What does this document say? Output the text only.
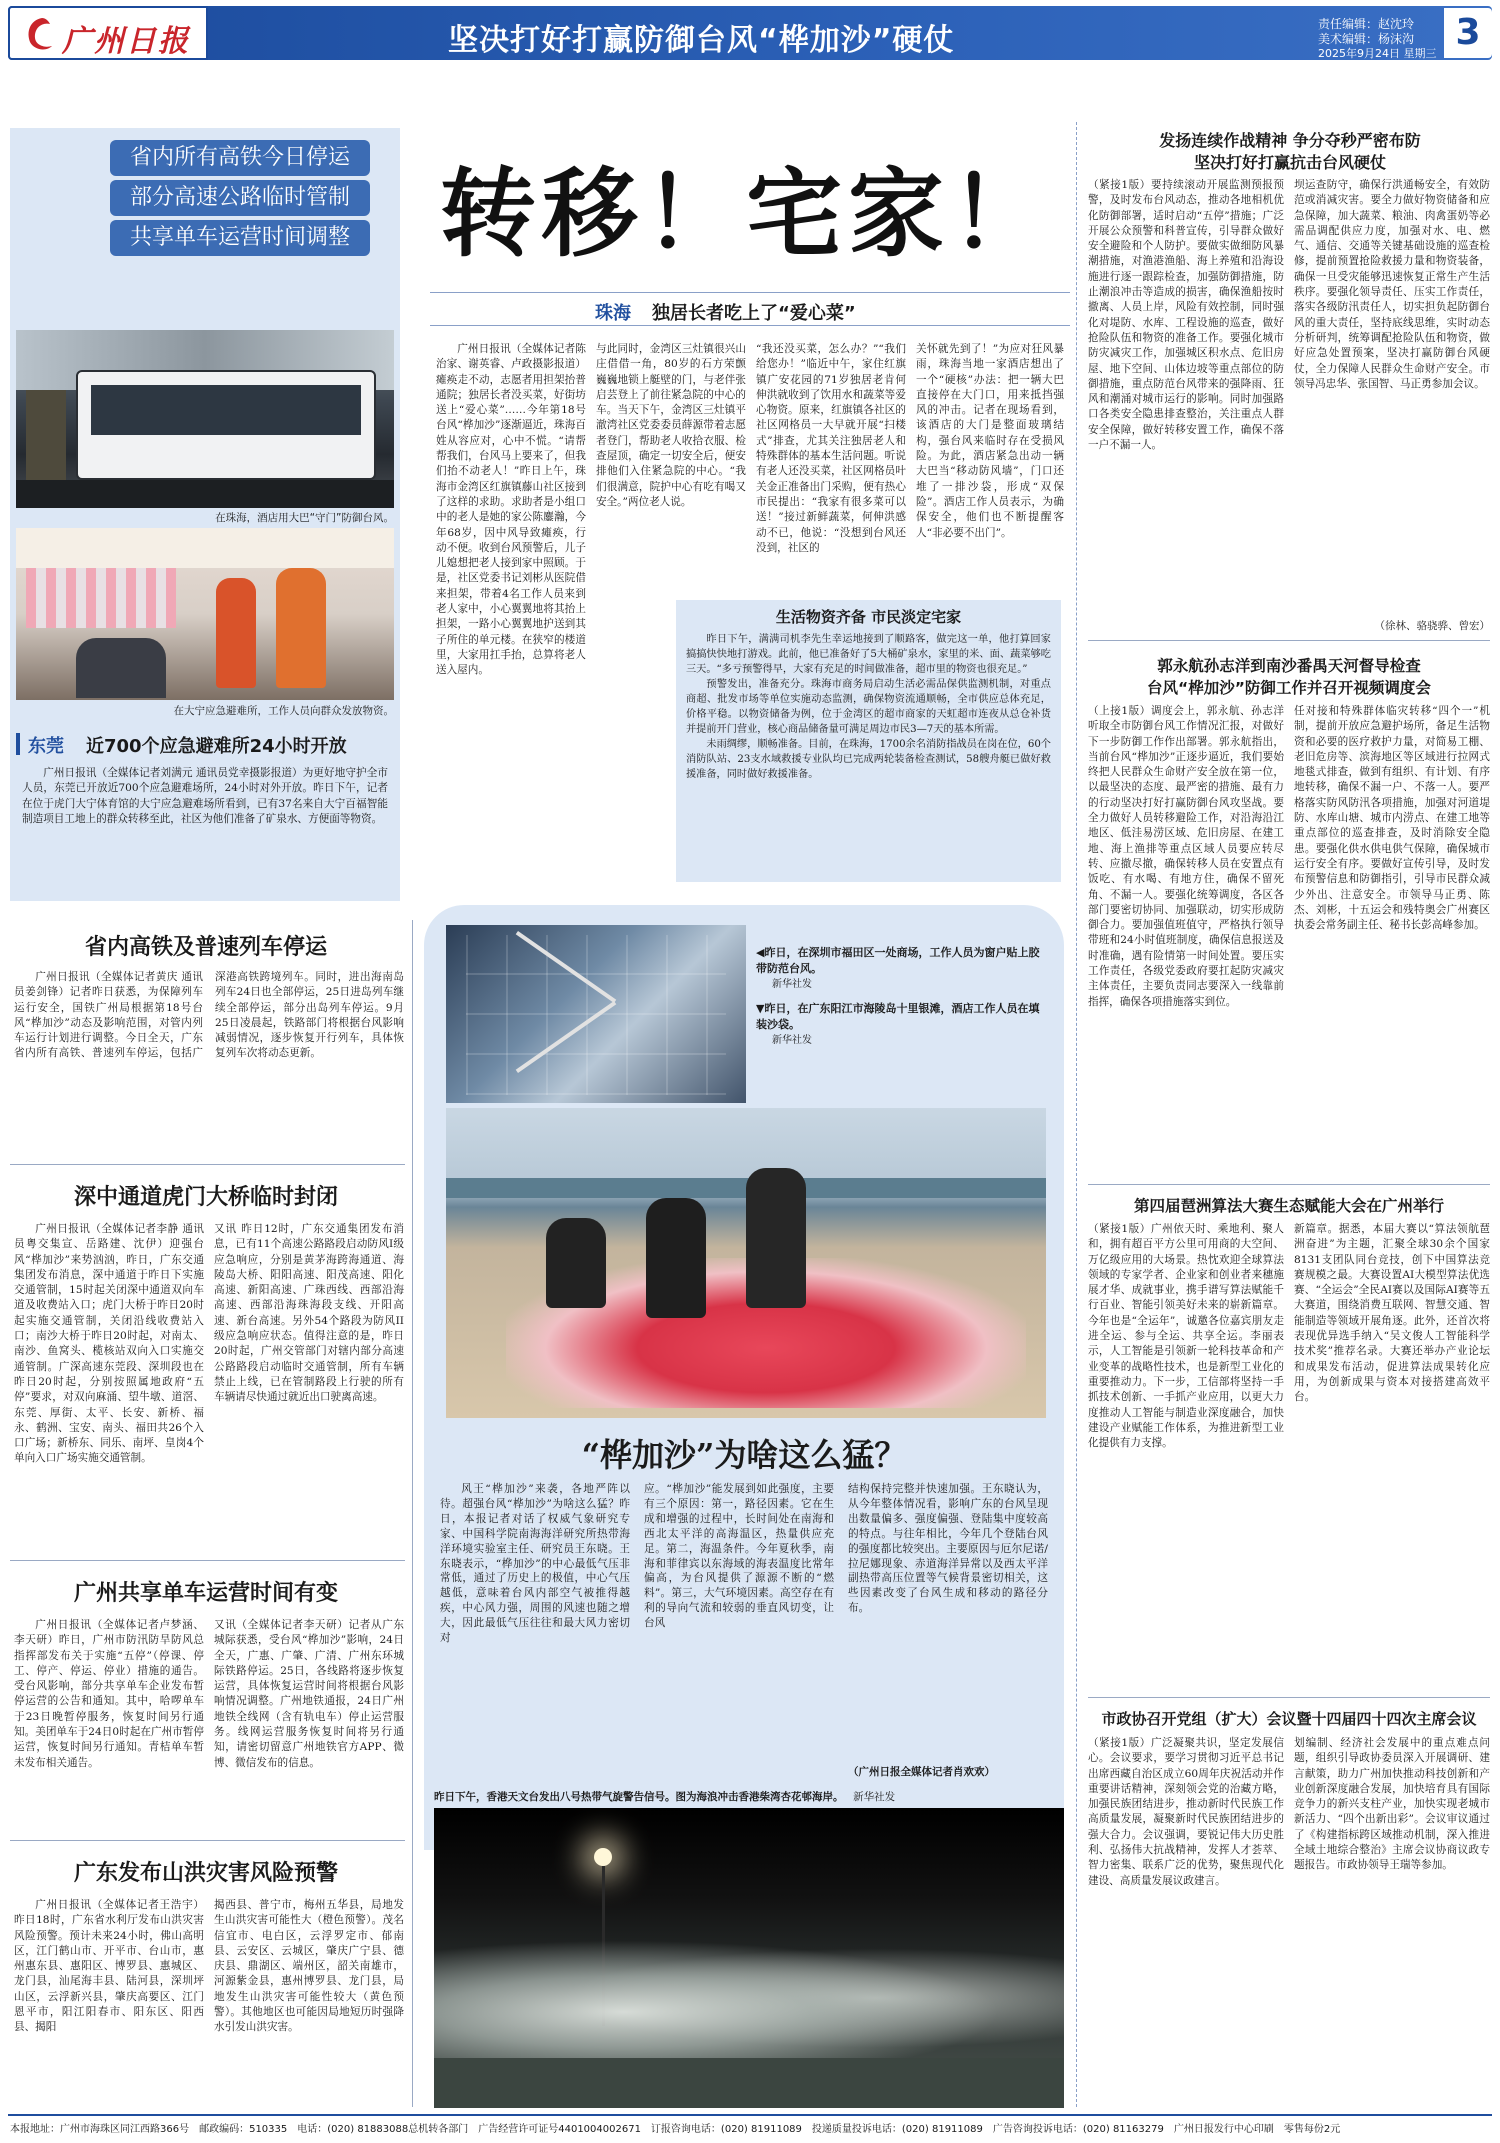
广州日报	坚决打好打赢防御台风“桦加沙”硬仗	责任编辑：赵沈玲
美术编辑：杨沫沟
2025年9月24日 星期三
3
省内所有高铁今日停运
部分高速公路临时管制
共享单车运营时间调整
在珠海，酒店用大巴“守门”防御台风。
在大宁应急避难所，工作人员向群众发放物资。
东莞 近700个应急避难所24小时开放

广州日报讯（全媒体记者刘满元 通讯员党幸摄影报道）为更好地守护全市人员，东莞已开放近700个应急避难场所，24小时对外开放。昨日下午，记者在位于虎门大宁体育馆的大宁应急避难场所看到，已有37名来自大宁百福智能制造项目工地上的群众转移至此，社区为他们准备了矿泉水、方便面等物资。

转移！宅家！
珠海 独居长者吃上了“爱心菜”

广州日报讯（全媒体记者陈治家、谢英睿、卢政摄影报道）瘫痪走不动，志愿者用担架抬普通院；独居长者没买菜，好街坊送上“爱心菜”……今年第18号台风“桦加沙”逐渐逼近，珠海百姓从容应对，心中不慌。“请帮帮我们，台风马上要来了，但我们抬不动老人！”昨日上午，珠海市金湾区红旗镇藤山社区接到了这样的求助。求助者是小组口中的老人是她的家公陈鏖瀚，今年68岁，因中风导致瘫痪，行动不便。收到台风预警后，儿子儿媳想把老人接到家中照顾。于是，社区党委书记刘彬从医院借来担架，带着4名工作人员来到老人家中，小心翼翼地将其抬上担架，一路小心翼翼地护送到其子所住的单元楼。在狭窄的楼道里，大家用扛手抬，总算将老人送入屋内。

与此同时，金湾区三灶镇很兴山庄借借一角，80岁的石方荣颤巍巍地锁上艇壁的门，与老伴张启芸登上了前往紧急院的中心的车。当天下午，金湾区三灶镇平澈湾社区党委委员薛源带着志愿者登门，帮助老人收拾衣服、检查屋顶，确定一切安全后，便安排他们入住紧急院的中心。“我们很满意，院护中心有吃有喝又安全。”两位老人说。

“我还没买菜，怎么办？”“我们给您办！”临近中午，家住红旗镇广安花园的71岁独居老肯何伸洪就收到了饮用水和蔬菜等爱心物资。原来，红旗镇各社区的社区网格员一大早就开展“扫楼式”排查，尤其关注独居老人和特殊群体的基本生活问题。听说有老人还没买菜，社区网格员叶关金正准备出门采购，便有热心市民提出：“我家有很多菜可以送！”接过新鲜蔬菜，何伸洪感动不已，他说：“没想到台风还没到，社区的

关怀就先到了！”为应对狂风暴雨，珠海当地一家酒店想出了一个“硬核”办法：把一辆大巴直接停在大门口，用来抵挡强风的冲击。记者在现场看到，该酒店的大门是整面玻璃结构，强台风来临时存在受损风险。为此，酒店紧急出动一辆大巴当“移动防风墙”，门口还堆了一排沙袋，形成“双保险”。酒店工作人员表示，为确保安全，他们也不断提醒客人“非必要不出门”。

生活物资齐备 市民淡定宅家

昨日下午，满满司机李先生幸运地接到了顺路客，做完这一单，他打算回家搞搞快快地打游戏。此前，他已准备好了5大桶矿泉水，家里的米、面、蔬菜够吃三天。“多亏预警得早，大家有充足的时间做准备，超市里的物资也很充足。”

预警发出，准备充分。珠海市商务局启动生活必需品保供监测机制，对重点商超、批发市场等单位实施动态监测，确保物资流通顺畅，全市供应总体充足，价格平稳。以物资储备为例，位于金湾区的超市商家的天虹超市连夜从总仓补货并提前开门营业，核心商品储备量可满足周边市民3—7天的基本所需。

未雨绸缪，顺畅准备。目前，在珠海，1700余名消防指战员在岗在位，60个消防队站、23支水域救援专业队均已完成两轮装备检查测试，58艘舟艇已做好救援准备，同时做好救援准备。

发扬连续作战精神 争分夺秒严密布防
坚决打好打赢抗击台风硬仗

（紧接1版）要持续滚动开展监测预报预警，及时发布台风动态，推动各地相机优化防御部署，适时启动“五停”措施；广泛开展公众预警和科普宣传，引导群众做好安全避险和个人防护。要做实做细防风暴潮措施，对渔港渔船、海上养殖和沿海设施进行逐一跟踪检查，加强防御措施，防止潮浪冲击等造成的损害，确保渔船按时撤离、人员上岸，风险有效控制，同时强化对堤防、水库、工程设施的巡查，做好抢险队伍和物资的准备工作。要强化城市防灾减灾工作，加强城区积水点、危旧房屋、地下空间、山体边坡等重点部位的防御措施，重点防范台风带来的强降雨、狂风和潮涌对城市运行的影响。同时加强路口各类安全隐患排查整治，关注重点人群安全保障，做好转移安置工作，确保不落一户不漏一人。

坝运查防守，确保行洪通畅安全，有效防范或消减灾害。要全力做好物资储备和应急保障，加大蔬菜、粮油、肉禽蛋奶等必需品调配供应力度，加强对水、电、燃气、通信、交通等关键基础设施的巡查检修，提前预置抢险救援力量和物资装备，确保一旦受灾能够迅速恢复正常生产生活秩序。要强化领导责任、压实工作责任，落实各级防汛责任人，切实担负起防御台风的重大责任，坚持底线思维，实时动态分析研判，统筹调配抢险队伍和物资，做好应急处置预案，坚决打赢防御台风硬仗，全力保障人民群众生命财产安全。市领导冯忠华、张国智、马正勇参加会议。

（徐林、骆骁骅、曾宏）
郭永航孙志洋到南沙番禺天河督导检查
台风“桦加沙”防御工作并召开视频调度会

（上接1版）调度会上，郭永航、孙志洋听取全市防御台风工作情况汇报，对做好下一步防御工作作出部署。郭永航指出，当前台风“桦加沙”正逐步逼近，我们要始终把人民群众生命财产安全放在第一位，以最坚决的态度、最严密的措施、最有力的行动坚决打好打赢防御台风攻坚战。要全力做好人员转移避险工作，对沿海沿江地区、低洼易涝区域、危旧房屋、在建工地、海上渔排等重点区域人员要应转尽转、应撤尽撤，确保转移人员在安置点有饭吃、有水喝、有地方住，确保不留死角、不漏一人。要强化统筹调度，各区各部门要密切协同、加强联动，切实形成防御合力。要加强值班值守，严格执行领导带班和24小时值班制度，确保信息报送及时准确，遇有险情第一时间处置。要压实工作责任，各级党委政府要扛起防灾减灾主体责任，主要负责同志要深入一线靠前指挥，确保各项措施落实到位。

任对接和特殊群体临灾转移“四个一”机制，提前开放应急避护场所，备足生活物资和必要的医疗救护力量，对简易工棚、老旧危房等、滨海地区等区域进行拉网式地毯式排查，做到有组织、有计划、有序地转移，确保不漏一户、不落一人。要严格落实防风防汛各项措施，加强对河道堤防、水库山塘、城市内涝点、在建工地等重点部位的巡查排查，及时消除安全隐患。要强化供水供电供气保障，确保城市运行安全有序。要做好宣传引导，及时发布预警信息和防御指引，引导市民群众减少外出、注意安全。市领导马正勇、陈杰、刘彬，十五运会和残特奥会广州赛区执委会常务副主任、秘书长彭高峰参加。

第四届琶洲算法大赛生态赋能大会在广州举行

（紧接1版）广州依天时、乘地利、聚人和，拥有超百平方公里可用商的大空间、万亿级应用的大场景。热忱欢迎全球算法领域的专家学者、企业家和创业者来穗施展才华、成就事业，携手谱写算法赋能千行百业、智能引领美好未来的崭新篇章。今年也是“全运年”，诚邀各位嘉宾朋友走进全运、参与全运、共享全运。李丽表示，人工智能是引领新一轮科技革命和产业变革的战略性技术，也是新型工业化的重要推动力。下一步，工信部将坚持一手抓技术创新、一手抓产业应用，以更大力度推动人工智能与制造业深度融合，加快建设产业赋能工作体系，为推进新型工业化提供有力支撑。

新篇章。据悉，本届大赛以“算法领航琶洲奋进”为主题，汇聚全球30余个国家8131支团队同台竞技，创下中国算法竞赛规模之最。大赛设置AI大模型算法优选赛、“全运会”全民AI赛以及国际AI赛等五大赛道，围绕消费互联网、智慧交通、智能制造等领域开展角逐。此外，还首次将表现优异选手纳入“吴文俊人工智能科学技术奖”推荐名录。大赛还举办产业论坛和成果发布活动，促进算法成果转化应用，为创新成果与资本对接搭建高效平台。

市政协召开党组（扩大）会议暨十四届四十四次主席会议

（紧接1版）广泛凝聚共识，坚定发展信心。会议要求，要学习贯彻习近平总书记出席西藏自治区成立60周年庆祝活动并作重要讲话精神，深刻领会党的治藏方略，加强民族团结进步，推动新时代民族工作高质量发展，凝聚新时代民族团结进步的强大合力。会议强调，要锐记伟大历史胜利、弘扬伟大抗战精神，发挥人才荟萃、智力密集、联系广泛的优势，聚焦现代化建设、高质量发展议政建言。

划编制、经济社会发展中的重点难点问题，组织引导政协委员深入开展调研、建言献策，助力广州加快推动科技创新和产业创新深度融合发展，加快培育具有国际竞争力的新兴支柱产业，加快实现老城市新活力、“四个出新出彩”。会议审议通过了《构建指标跨区域推动机制，深入推进全域土地综合整治》主席会议协商议政专题报告。市政协领导王瑞等参加。

省内高铁及普速列车停运

广州日报讯（全媒体记者黄庆 通讯员姜剑锋）记者昨日获悉，为保障列车运行安全，国铁广州局根据第18号台风“桦加沙”动态及影响范围，对管内列车运行计划进行调整。今日全天，广东省内所有高铁、普速列车停运，包括广深港高铁跨境列车。同时，进出海南岛列车24日也全部停运，25日进岛列车继续全部停运，部分出岛列车停运。9月25日凌晨起，铁路部门将根据台风影响减弱情况，逐步恢复开行列车，具体恢复列车次将动态更新。

深中通道虎门大桥临时封闭

广州日报讯（全媒体记者李静 通讯员粤交集宣、岳路建、沈伊）迎强台风“桦加沙”来势汹汹，昨日，广东交通集团发布消息，深中通道于昨日下实施交通管制，15时起关闭深中通道双向车道及收费站入口；虎门大桥于昨日20时起实施交通管制，关闭沿线收费站入口；南沙大桥于昨日20时起，对南太、南沙、鱼窝头、榄核站双向入口实施交通管制。广深高速东莞段、深圳段也在昨日20时起，分别按照属地政府“五停”要求，对双向麻涌、望牛墩、道滘、东莞、厚街、太平、长安、新桥、福永、鹤洲、宝安、南头、福田共26个入口广场；新桥东、同乐、南坪、皇岗4个单向入口广场实施交通管制。

又讯 昨日12时，广东交通集团发布消息，已有11个高速公路路段启动防风I级应急响应，分别是黄茅海跨海通道、海陵岛大桥、阳阳高速、阳茂高速、阳化高速、新阳高速、广珠西线、西部沿海高速、西部沿海珠海段支线、开阳高速、新台高速。另外54个路段为防风II级应急响应状态。值得注意的是，昨日20时起，广州交管部门对辖内部分高速公路路段启动临时交通管制，所有车辆禁止上线，已在管制路段上行驶的所有车辆请尽快通过就近出口驶离高速。

广州共享单车运营时间有变

广州日报讯（全媒体记者卢梦涵、李天研）昨日，广州市防汛防旱防风总指挥部发布关于实施“五停”（停课、停工、停产、停运、停业）措施的通告。受台风影响，部分共享单车企业发布暂停运营的公告和通知。其中，哈啰单车于23日晚暂停服务，恢复时间另行通知。美团单车于24日0时起在广州市暂停运营，恢复时间另行通知。青桔单车暂未发布相关通告。

又讯（全媒体记者李天研）记者从广东城际获悉，受台风“桦加沙”影响，24日全天，广惠、广肇、广清、广州东环城际铁路停运。25日，各线路将逐步恢复运营，具体恢复运营时间将根据台风影响情况调整。广州地铁通报，24日广州地铁全线网（含有轨电车）停止运营服务。线网运营服务恢复时间将另行通知，请密切留意广州地铁官方APP、微博、微信发布的信息。

广东发布山洪灾害风险预警

广州日报讯（全媒体记者王浩宇）昨日18时，广东省水利厅发布山洪灾害风险预警。预计未来24小时，佛山高明区，江门鹤山市、开平市、台山市，惠州惠东县、惠阳区、博罗县、惠城区、龙门县，汕尾海丰县、陆河县，深圳坪山区，云浮新兴县，肇庆高要区、江门恩平市，阳江阳春市、阳东区、阳西县、揭阳

揭西县、普宁市，梅州五华县，局地发生山洪灾害可能性大（橙色预警）。茂名信宜市、电白区，云浮罗定市、郁南县、云安区、云城区，肇庆广宁县、德庆县、鼎湖区、端州区，韶关南雄市，河源紫金县，惠州博罗县、龙门县，局地发生山洪灾害可能性较大（黄色预警）。其他地区也可能因局地短历时强降水引发山洪灾害。

◀昨日，在深圳市福田区一处商场，工作人员为窗户贴上胶带防范台风。
新华社发
▼昨日，在广东阳江市海陵岛十里银滩，酒店工作人员在填装沙袋。
新华社发
“桦加沙”为啥这么猛？

风王“桦加沙”来袭，各地严阵以待。超强台风“桦加沙”为啥这么猛？昨日，本报记者对话了权威气象研究专家、中国科学院南海海洋研究所热带海洋环境实验室主任、研究员王东晓。王东晓表示，“桦加沙”的中心最低气压非常低，通过了历史上的极值，中心气压越低，意味着台风内部空气被推得越疾，中心风力强，周围的风速也随之增大，因此最低气压往往和最大风力密切对

应。“桦加沙”能发展到如此强度，主要有三个原因：第一，路径因素。它在生成和增强的过程中，长时间处在南海和西北太平洋的高海温区，热量供应充足。第二，海温条件。今年夏秋季，南海和菲律宾以东海域的海表温度比常年偏高，为台风提供了源源不断的“燃料”。第三，大气环境因素。高空存在有利的导向气流和较弱的垂直风切变，让台风

结构保持完整并快速加强。王东晓认为，从今年整体情况看，影响广东的台风呈现出数量偏多、强度偏强、登陆集中度较高的特点。与往年相比，今年几个登陆台风的强度都比较突出。主要原因与厄尔尼诺/拉尼娜现象、赤道海洋异常以及西太平洋副热带高压位置等气候背景密切相关，这些因素改变了台风生成和移动的路径分布。

（广州日报全媒体记者肖欢欢）
昨日下午，香港天文台发出八号热带气旋警告信号。图为海浪冲击香港柴湾杏花邨海岸。 新华社发
本报地址：广州市海珠区同江西路366号　邮政编码：510335　电话：(020) 81883088总机转各部门　广告经营许可证号4401004002671　订报咨询电话：(020) 81911089　投递质量投诉电话：(020) 81911089　广告咨询投诉电话：(020) 81163279　广州日报发行中心印刷　零售每份2元
